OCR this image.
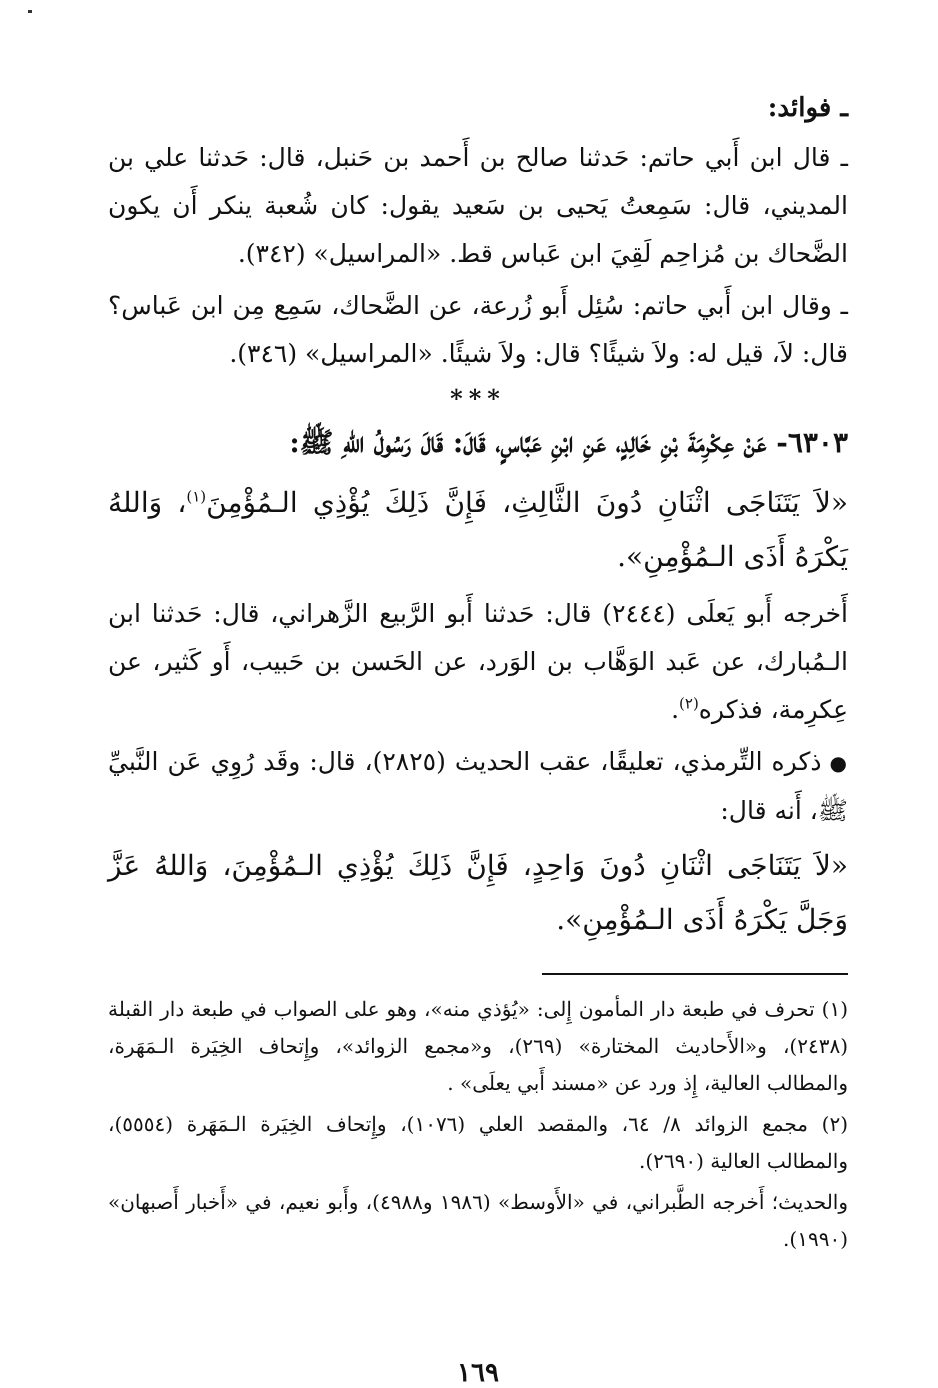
ـ فوائد:

ـ قال ابن أَبي حاتم: حَدثنا صالح بن أَحمد بن حَنبل، قال: حَدثنا علي بن المديني، قال: سَمِعتُ يَحيى بن سَعيد يقول: كان شُعبة ينكر أَن يكون الضَّحاك بن مُزاحِم لَقِيَ ابن عَباس قط. «المراسيل» (٣٤٢).

ـ وقال ابن أَبي حاتم: سُئِل أَبو زُرعة، عن الضَّحاك، سَمِع مِن ابن عَباس؟ قال: لاَ، قيل له: ولاَ شيئًا؟ قال: ولاَ شيئًا. «المراسيل» (٣٤٦).

***

٦٣٠٣- عَنْ عِكْرِمَةَ بْنِ خَالِدٍ، عَنِ ابْنِ عَبَّاسٍ، قَالَ: قَالَ رَسُولُ اللهِ ﷺ:

«لاَ يَتَنَاجَى اثْنَانِ دُونَ الثَّالِثِ، فَإِنَّ ذَلِكَ يُؤْذِي الـمُؤْمِنَ$^{(١)}$، وَاللهُ يَكْرَهُ أَذَى الـمُؤْمِنِ».

أَخرجه أَبو يَعلَى (٢٤٤٤) قال: حَدثنا أَبو الرَّبيع الزَّهراني، قال: حَدثنا ابن الـمُبارك، عن عَبد الوَهَّاب بن الوَرد، عن الحَسن بن حَبيب، أَو كَثير، عن عِكرِمة، فذكره$^{(٢)}$.

●ذكره التِّرمذي، تعليقًا، عقب الحديث (٢٨٢٥)، قال: وقَد رُوِي عَن النَّبيِّ ﷺ، أَنه قال:

«لاَ يَتَنَاجَى اثْنَانِ دُونَ وَاحِدٍ، فَإِنَّ ذَلِكَ يُؤْذِي الـمُؤْمِنَ، وَاللهُ عَزَّ وَجَلَّ يَكْرَهُ أَذَى الـمُؤْمِنِ».

(١) تحرف في طبعة دار المأمون إِلى: «يُؤذي منه»، وهو على الصواب في طبعة دار القبلة (٢٤٣٨)، و«الأَحاديث المختارة» (٢٦٩)، و«مجمع الزوائد»، وإِتحاف الخِيَرة الـمَهَرة، والمطالب العالية، إِذ ورد عن «مسند أَبي يعلَى» .

(٢) مجمع الزوائد ٨/ ٦٤، والمقصد العلي (١٠٧٦)، وإِتحاف الخِيَرة الـمَهَرة (٥٥٥٤)، والمطالب العالية (٢٦٩٠).

والحديث؛ أَخرجه الطَّبراني، في «الأَوسط» (١٩٨٦ و٤٩٨٨)، وأَبو نعيم، في «أَخبار أَصبهان» (١٩٩٠).

١٦٩
